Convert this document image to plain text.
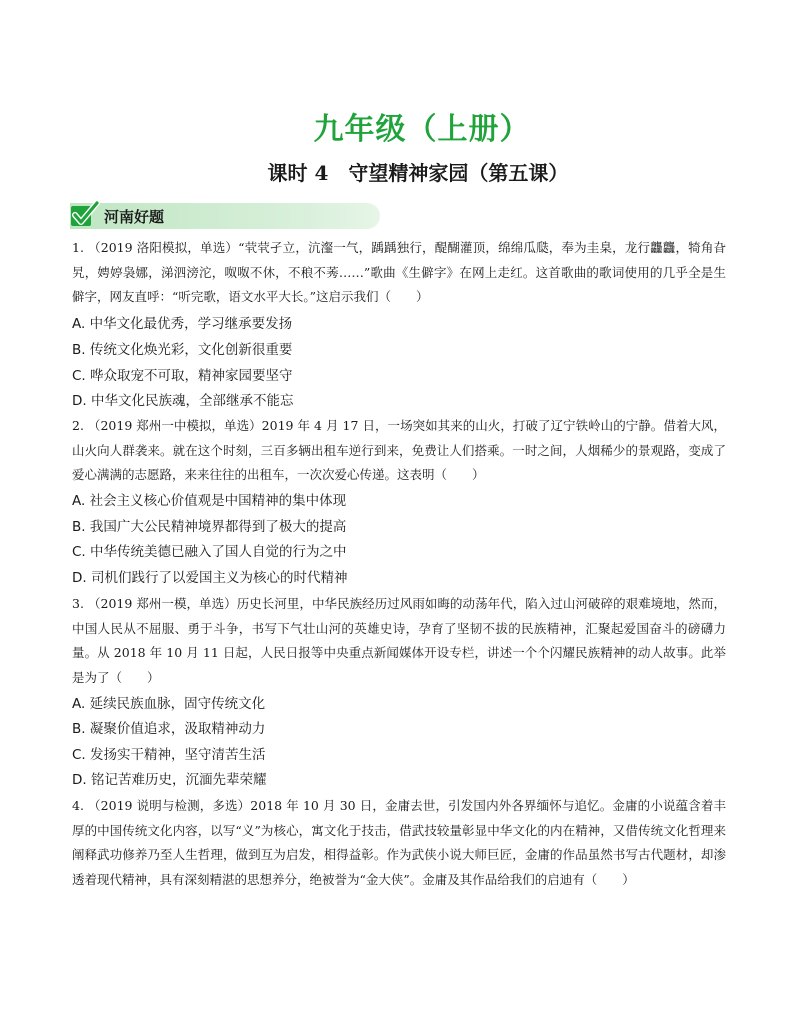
九年级（上册）
课时 4　守望精神家园（第五课）
河南好题
1. （2019 洛阳模拟，单选）“茕茕孑立，沆瀣一气，踽踽独行，醍醐灌顶，绵绵瓜瓞，奉为圭臬，龙行龘龘，犄角旮旯，娉婷袅娜，涕泗滂沱，呶呶不休，不稂不莠……”歌曲《生僻字》在网上走红。这首歌曲的歌词使用的几乎全是生僻字，网友直呼：“听完歌，语文水平大长。”这启示我们（　　）
A. 中华文化最优秀，学习继承要发扬
B. 传统文化焕光彩，文化创新很重要
C. 哗众取宠不可取，精神家园要坚守
D. 中华文化民族魂，全部继承不能忘
2. （2019 郑州一中模拟，单选）2019 年 4 月 17 日，一场突如其来的山火，打破了辽宁铁岭山的宁静。借着大风，山火向人群袭来。就在这个时刻，三百多辆出租车逆行到来，免费让人们搭乘。一时之间，人烟稀少的景观路，变成了爱心满满的志愿路，来来往往的出租车，一次次爱心传递。这表明（　　）
A. 社会主义核心价值观是中国精神的集中体现
B. 我国广大公民精神境界都得到了极大的提高
C. 中华传统美德已融入了国人自觉的行为之中
D. 司机们践行了以爱国主义为核心的时代精神
3. （2019 郑州一模，单选）历史长河里，中华民族经历过风雨如晦的动荡年代，陷入过山河破碎的艰难境地，然而，中国人民从不屈服、勇于斗争，书写下气壮山河的英雄史诗，孕育了坚韧不拔的民族精神，汇聚起爱国奋斗的磅礴力量。从 2018 年 10 月 11 日起，人民日报等中央重点新闻媒体开设专栏，讲述一个个闪耀民族精神的动人故事。此举是为了（　　）
A. 延续民族血脉，固守传统文化
B. 凝聚价值追求，汲取精神动力
C. 发扬实干精神，坚守清苦生活
D. 铭记苦难历史，沉湎先辈荣耀
4. （2019 说明与检测，多选）2018 年 10 月 30 日，金庸去世，引发国内外各界缅怀与追忆。金庸的小说蕴含着丰厚的中国传统文化内容，以写“义”为核心，寓文化于技击，借武技较量彰显中华文化的内在精神，又借传统文化哲理来阐释武功修养乃至人生哲理，做到互为启发，相得益彰。作为武侠小说大师巨匠，金庸的作品虽然书写古代题材，却渗透着现代精神，具有深刻精湛的思想养分，绝被誉为“金大侠”。金庸及其作品给我们的启迪有（　　）
